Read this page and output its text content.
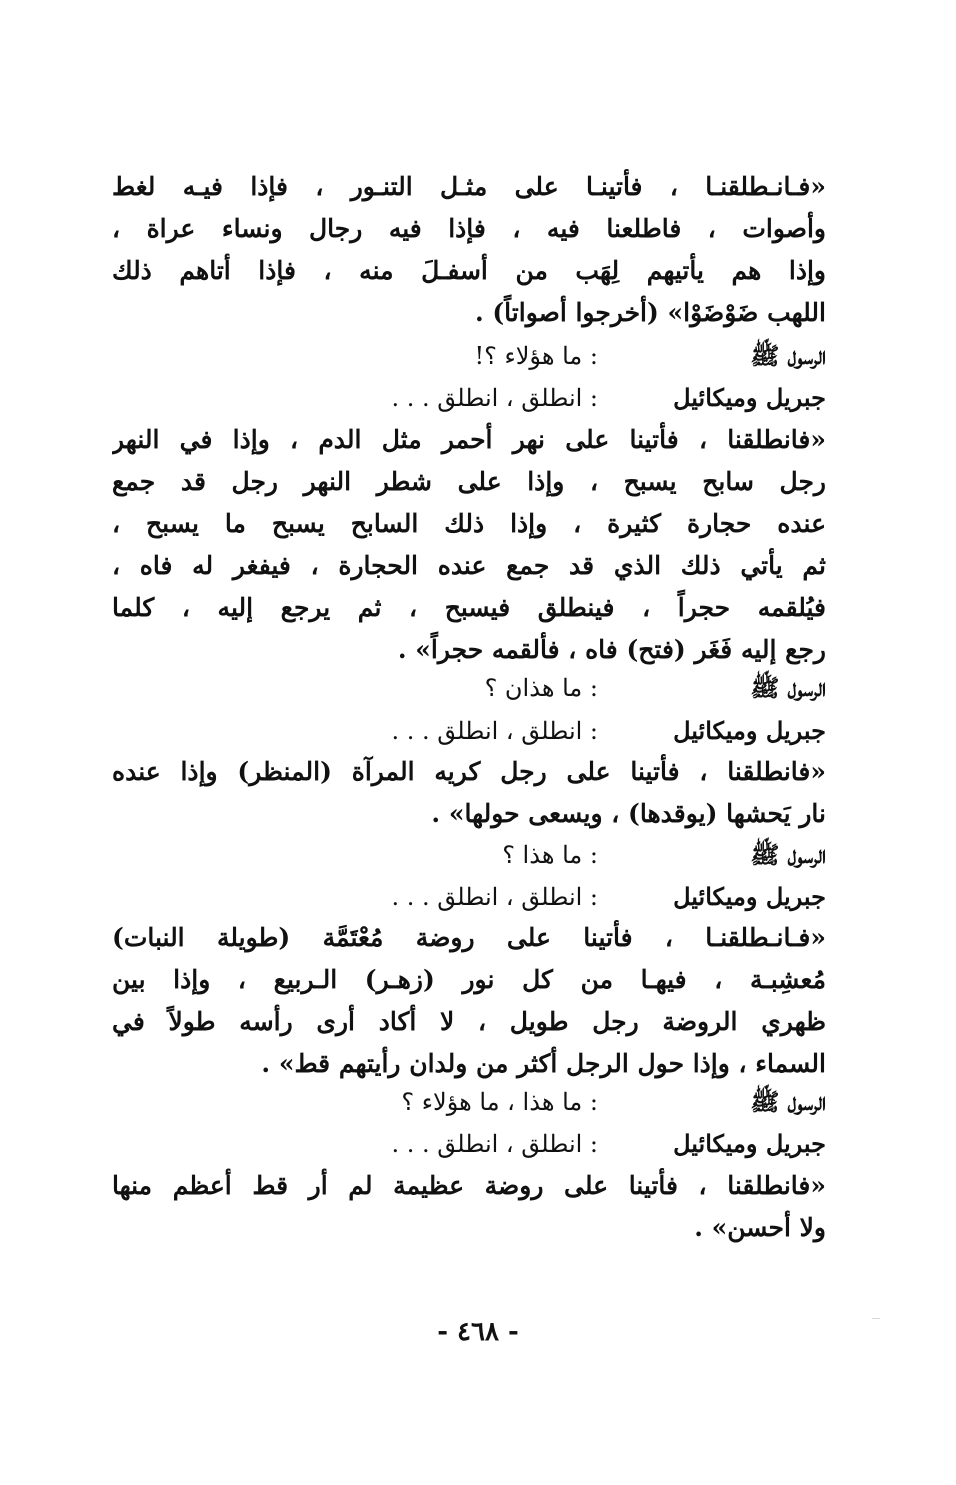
«فـانـطلقنـا ، فأتينـا على مثـل التنـور ، فإذا فيـه لغط
وأصوات ، فاطلعنا فيه ، فإذا فيه رجال ونساء عراة ،
وإذا هم يأتيهم لِهَب من أسفـلَ منه ، فإذا أتاهم ذلك
اللهب ضَوْضَوْا» (أخرجوا أصواتاً) .
الرسول ﷺ
: ما هؤلاء ؟!
جبريل وميكائيل
: انطلق ، انطلق . . .
«فانطلقنا ، فأتينا على نهر أحمر مثل الدم ، وإذا في النهر
رجل سابح يسبح ، وإذا على شطر النهر رجل قد جمع
عنده حجارة كثيرة ، وإذا ذلك السابح يسبح ما يسبح ،
ثم يأتي ذلك الذي قد جمع عنده الحجارة ، فيفغر له فاه ،
فيُلقمه حجراً ، فينطلق فيسبح ، ثم يرجع إليه ، كلما
رجع إليه فَغَر (فتح) فاه ، فألقمه حجراً» .
الرسول ﷺ
: ما هذان ؟
جبريل وميكائيل
: انطلق ، انطلق . . .
«فانطلقنا ، فأتينا على رجل كريه المرآة (المنظر) وإذا عنده
نار يَحشها (يوقدها) ، ويسعى حولها» .
الرسول ﷺ
: ما هذا ؟
جبريل وميكائيل
: انطلق ، انطلق . . .
«فـانـطلقنـا ، فأتينا على روضة مُعْتَمَّة (طويلة النبات)
مُعشِبـة ، فيهـا من كل نور (زهـر) الـربيع ، وإذا بين
ظهري الروضة رجل طويل ، لا أكاد أرى رأسه طولاً في
السماء ، وإذا حول الرجل أكثر من ولدان رأيتهم قط» .
الرسول ﷺ
: ما هذا ، ما هؤلاء ؟
جبريل وميكائيل
: انطلق ، انطلق . . .
«فانطلقنا ، فأتينا على روضة عظيمة لم أر قط أعظم منها
ولا أحسن» .
- ٤٦٨ -
